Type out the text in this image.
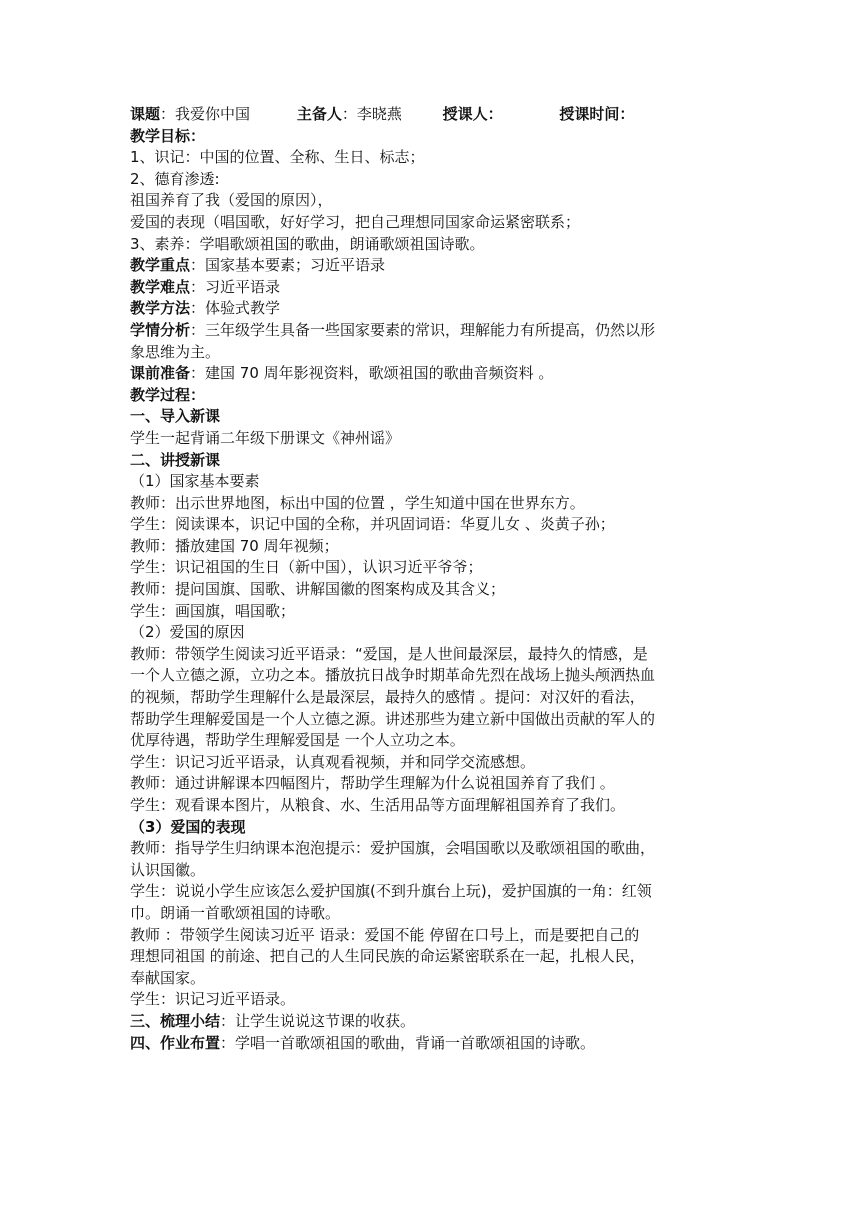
课题：我爱你中国	主备人：李晓燕	授课人：	授课时间：
教学目标：
1、识记：中国的位置、全称、生日、标志；
2、德育渗透:
祖国养育了我（爱国的原因），
爱国的表现（唱国歌，好好学习，把自己理想同国家命运紧密联系；
3、素养：学唱歌颂祖国的歌曲，朗诵歌颂祖国诗歌。
教学重点：国家基本要素；习近平语录
教学难点：习近平语录
教学方法：体验式教学
学情分析：三年级学生具备一些国家要素的常识，理解能力有所提高，仍然以形
象思维为主。
课前准备：建国 70 周年影视资料，歌颂祖国的歌曲音频资料 。
教学过程：
一、导入新课
学生一起背诵二年级下册课文《神州谣》
二、讲授新课
（1）国家基本要素
教师：出示世界地图，标出中国的位置 ，学生知道中国在世界东方。
学生：阅读课本，识记中国的全称，并巩固词语：华夏儿女 、炎黄子孙；
教师：播放建国 70 周年视频；
学生：识记祖国的生日（新中国），认识习近平爷爷；
教师：提问国旗、国歌、讲解国徽的图案构成及其含义；
学生：画国旗，唱国歌；
（2）爱国的原因
教师：带领学生阅读习近平语录：“爱国，是人世间最深层，最持久的情感，是
一个人立德之源，立功之本。播放抗日战争时期革命先烈在战场上抛头颅洒热血
的视频，帮助学生理解什么是最深层，最持久的感情 。提问：对汉奸的看法，
帮助学生理解爱国是一个人立德之源。讲述那些为建立新中国做出贡献的军人的
优厚待遇，帮助学生理解爱国是 一个人立功之本。
学生：识记习近平语录，认真观看视频，并和同学交流感想。
教师：通过讲解课本四幅图片，帮助学生理解为什么说祖国养育了我们 。
学生：观看课本图片，从粮食、水、生活用品等方面理解祖国养育了我们。
（3）爱国的表现
教师：指导学生归纳课本泡泡提示：爱护国旗，会唱国歌以及歌颂祖国的歌曲，
认识国徽。
学生：说说小学生应该怎么爱护国旗(不到升旗台上玩)，爱护国旗的一角：红领
巾。朗诵一首歌颂祖国的诗歌。
教师 ：带领学生阅读习近平 语录：爱国不能 停留在口号上，而是要把自己的
理想同祖国 的前途、把自己的人生同民族的命运紧密联系在一起，扎根人民，
奉献国家。
学生：识记习近平语录。
三、梳理小结：让学生说说这节课的收获。
四、作业布置：学唱一首歌颂祖国的歌曲，背诵一首歌颂祖国的诗歌。
